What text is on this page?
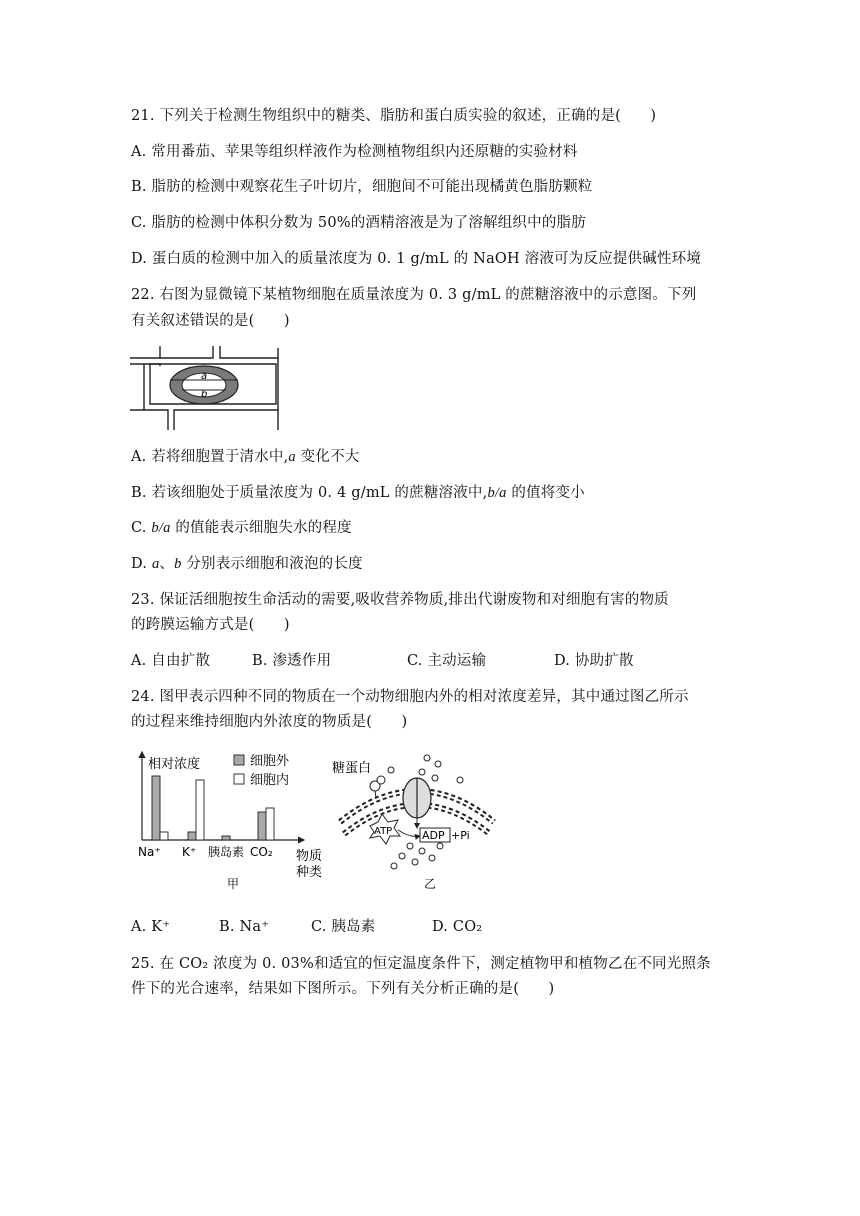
21. 下列关于检测生物组织中的糖类、脂肪和蛋白质实验的叙述，正确的是(　　)
A. 常用番茄、苹果等组织样液作为检测植物组织内还原糖的实验材料
B. 脂肪的检测中观察花生子叶切片，细胞间不可能出现橘黄色脂肪颗粒
C. 脂肪的检测中体积分数为 50%的酒精溶液是为了溶解组织中的脂肪
D. 蛋白质的检测中加入的质量浓度为 0. 1 g/mL 的 NaOH 溶液可为反应提供碱性环境
22. 右图为显微镜下某植物细胞在质量浓度为 0. 3 g/mL 的蔗糖溶液中的示意图。下列
有关叙述错误的是(　　)
a
b
A. 若将细胞置于清水中,a 变化不大
B. 若该细胞处于质量浓度为 0. 4 g/mL 的蔗糖溶液中,b/a 的值将变小
C. b/a 的值能表示细胞失水的程度
D. a、b 分别表示细胞和液泡的长度
23. 保证活细胞按生命活动的需要,吸收营养物质,排出代谢废物和对细胞有害的物质
的跨膜运输方式是(　　)
A. 自由扩散	B. 渗透作用	C. 主动运输	D. 协助扩散
24. 图甲表示四种不同的物质在一个动物细胞内外的相对浓度差异，其中通过图乙所示
的过程来维持细胞内外浓度的物质是(　　)
相对浓度	细胞外
细胞内
Na⁺ K⁺ 胰岛素 CO₂ 物质
种类
甲
糖蛋白
ATP	ADP +Pi
乙
A. K⁺	B. Na⁺	C. 胰岛素	D. CO₂
25. 在 CO₂ 浓度为 0. 03%和适宜的恒定温度条件下，测定植物甲和植物乙在不同光照条
件下的光合速率，结果如下图所示。下列有关分析正确的是(　　)
